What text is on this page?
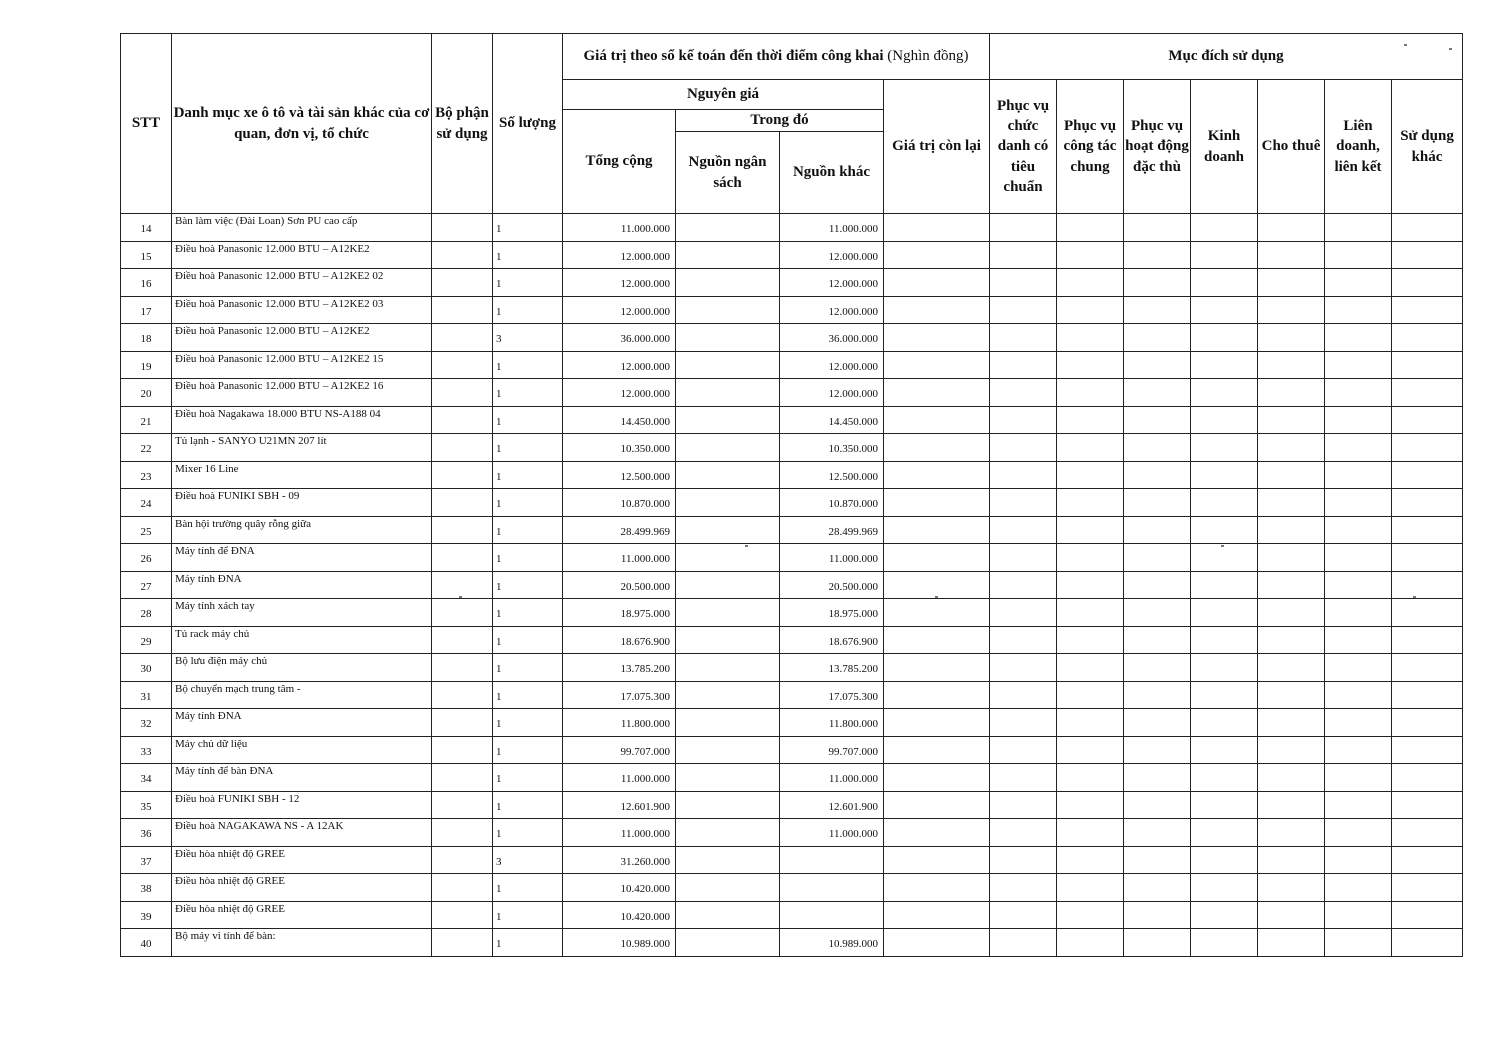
STT	Danh mục xe ô tô và tài sản khác của cơ quan, đơn vị, tổ chức	Bộ phận sử dụng	Số lượng	Giá trị theo sổ kế toán đến thời điểm công khai (Nghìn đồng)				Mục đích sử dụng						
				Nguyên giá			Giá trị còn lại	Phục vụ chức danh có tiêu chuẩn	Phục vụ công tác chung	Phục vụ hoạt động đặc thù	Kinh doanh	Cho thuê	Liên doanh, liên kết	Sử dụng khác
				Tổng cộng	Trong đó									
					Nguồn ngân sách	Nguồn khác								
14	Bàn làm việc (Đài Loan) Sơn PU cao cấp		1	11.000.000		11.000.000								
15	Điều hoà Panasonic 12.000 BTU – A12KE2		1	12.000.000		12.000.000								
16	Điều hoà Panasonic 12.000 BTU – A12KE2 02		1	12.000.000		12.000.000								
17	Điều hoà Panasonic 12.000 BTU – A12KE2 03		1	12.000.000		12.000.000								
18	Điều hoà Panasonic 12.000 BTU – A12KE2		3	36.000.000		36.000.000								
19	Điều hoà Panasonic 12.000 BTU – A12KE2 15		1	12.000.000		12.000.000								
20	Điều hoà Panasonic 12.000 BTU – A12KE2 16		1	12.000.000		12.000.000								
21	Điều hoà Nagakawa 18.000 BTU NS-A188 04		1	14.450.000		14.450.000								
22	Tủ lạnh - SANYO U21MN 207 lít		1	10.350.000		10.350.000								
23	Mixer 16 Line		1	12.500.000		12.500.000								
24	Điều hoà FUNIKI SBH - 09		1	10.870.000		10.870.000								
25	Bàn hội trường quây rỗng giữa		1	28.499.969		28.499.969								
26	Máy tính để ĐNA		1	11.000.000		11.000.000								
27	Máy tính ĐNA		1	20.500.000		20.500.000								
28	Máy tính xách tay		1	18.975.000		18.975.000								
29	Tủ rack máy chủ		1	18.676.900		18.676.900								
30	Bộ lưu điện máy chủ		1	13.785.200		13.785.200								
31	Bộ chuyển mạch trung tâm -		1	17.075.300		17.075.300								
32	Máy tính ĐNA		1	11.800.000		11.800.000								
33	Máy chủ dữ liệu		1	99.707.000		99.707.000								
34	Máy tính để bàn ĐNA		1	11.000.000		11.000.000								
35	Điều hoà FUNIKI SBH - 12		1	12.601.900		12.601.900								
36	Điều hoà NAGAKAWA NS - A 12AK		1	11.000.000		11.000.000								
37	Điều hòa nhiệt độ GREE		3	31.260.000										
38	Điều hòa nhiệt độ GREE		1	10.420.000										
39	Điều hòa nhiệt độ GREE		1	10.420.000										
40	Bộ máy vi tính để bàn:		1	10.989.000		10.989.000								
